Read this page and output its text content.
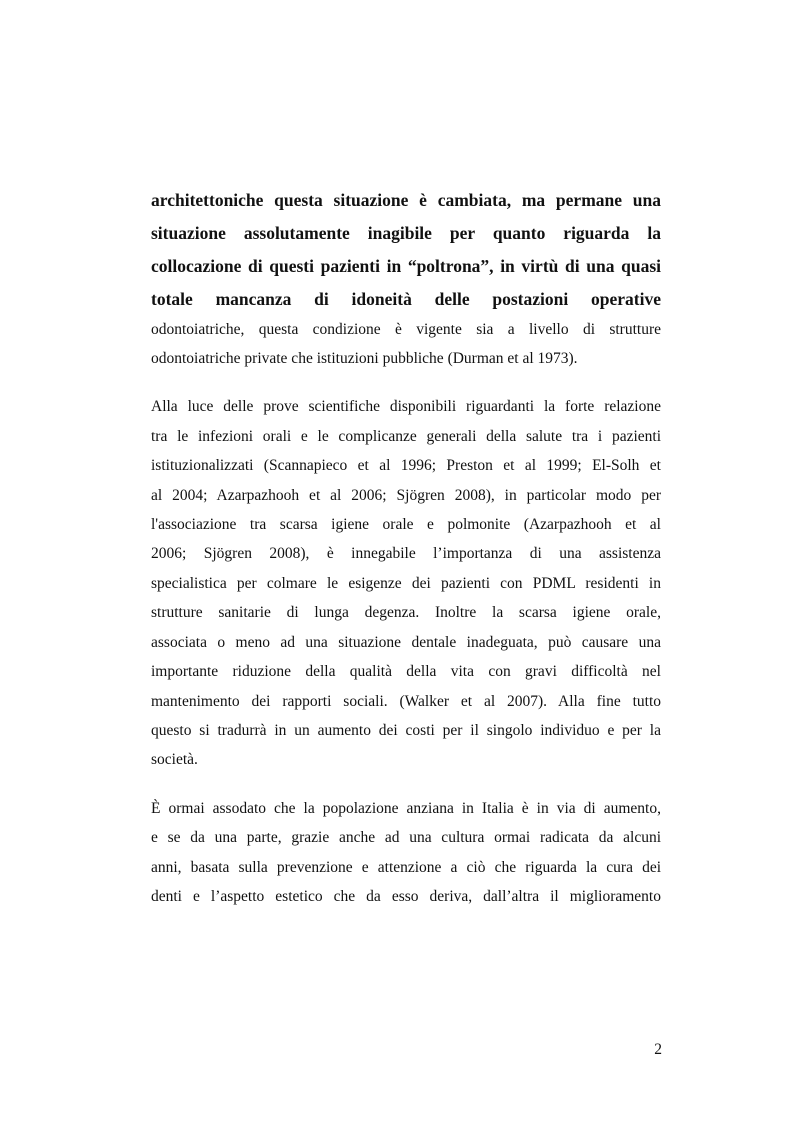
architettoniche questa situazione è cambiata, ma permane una
situazione assolutamente inagibile per quanto riguarda la
collocazione di questi pazienti in “poltrona”, in virtù di una quasi
totale mancanza di idoneità delle postazioni operative
odontoiatriche, questa condizione è vigente sia a livello di strutture
odontoiatriche private che istituzioni pubbliche (Durman et al 1973).
Alla luce delle prove scientifiche disponibili riguardanti la forte relazione
tra le infezioni orali e le complicanze generali della salute tra i pazienti
istituzionalizzati (Scannapieco et al 1996; Preston et al 1999; El-Solh et
al 2004; Azarpazhooh et al 2006; Sjögren 2008), in particolar modo per
l'associazione tra scarsa igiene orale e polmonite (Azarpazhooh et al
2006; Sjögren 2008), è innegabile l’importanza di una assistenza
specialistica per colmare le esigenze dei pazienti con PDML residenti in
strutture sanitarie di lunga degenza. Inoltre la scarsa igiene orale,
associata o meno ad una situazione dentale inadeguata, può causare una
importante riduzione della qualità della vita con gravi difficoltà nel
mantenimento dei rapporti sociali. (Walker et al 2007). Alla fine tutto
questo si tradurrà in un aumento dei costi per il singolo individuo e per la
società.
È ormai assodato che la popolazione anziana in Italia è in via di aumento,
e se da una parte, grazie anche ad una cultura ormai radicata da alcuni
anni, basata sulla prevenzione e attenzione a ciò che riguarda la cura dei
denti e l’aspetto estetico che da esso deriva, dall’altra il miglioramento
2
